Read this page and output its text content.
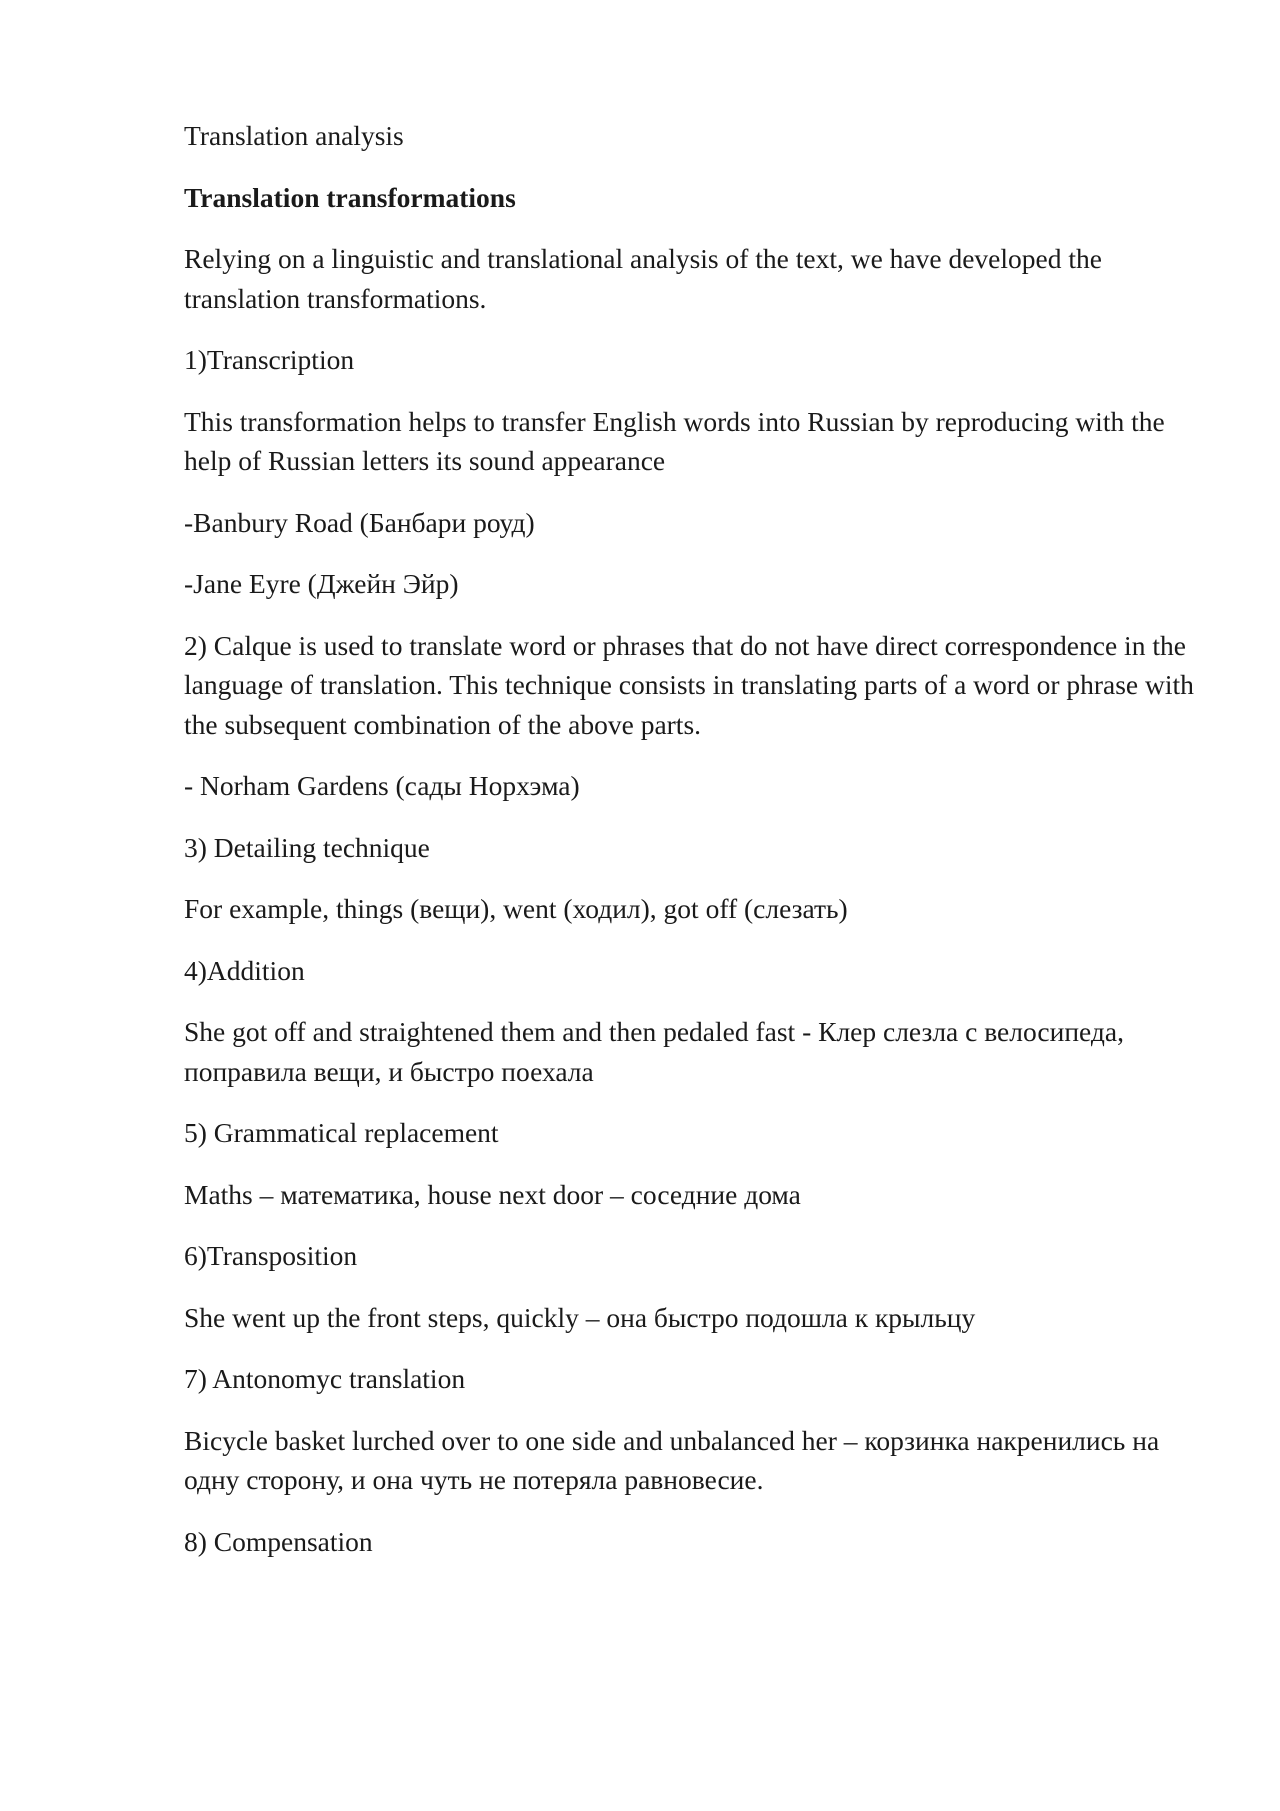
Translation analysis

Translation transformations

Relying on a linguistic and translational analysis of the text, we have developed the translation transformations.

1)Transcription

This transformation helps to transfer English words into Russian by reproducing with the help of Russian letters its sound appearance

-Banbury Road (Банбари роуд)

-Jane Eyre (Джейн Эйр)

2) Calque is used to translate word or phrases that do not have direct correspondence in the language of translation. This technique consists in translating parts of a word or phrase with the subsequent combination of the above parts.

- Norham Gardens (сады Норхэма)

3) Detailing technique

For example, things (вещи), went (ходил), got off (слезать)

4)Addition

She got off and straightened them and then pedaled fast - Клер слезла с велосипеда, поправила вещи, и быстро поехала

5) Grammatical replacement

Maths – математика, house next door – соседние дома

6)Transposition

She went up the front steps, quickly – она быстро подошла к крыльцу

7) Antonomyc translation

Bicycle basket lurched over to one side and unbalanced her – корзинка накренились на одну сторону, и она чуть не потеряла равновесие.

8) Compensation
